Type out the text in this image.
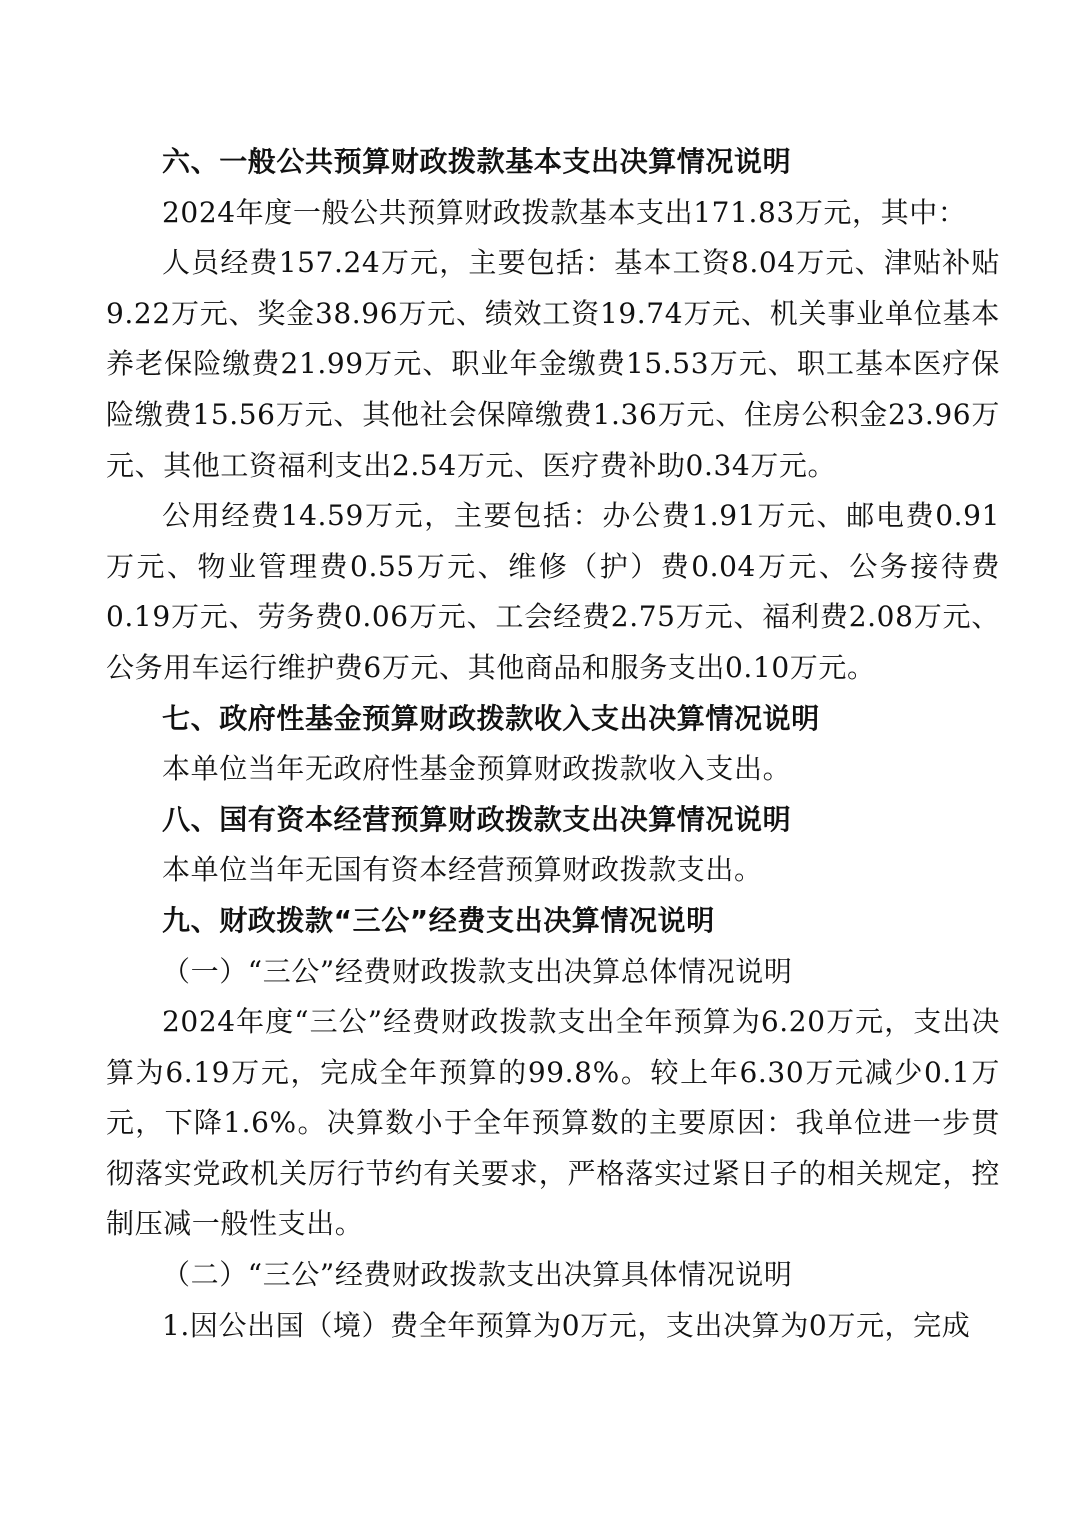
六、一般公共预算财政拨款基本支出决算情况说明

2024年度一般公共预算财政拨款基本支出171.83万元，其中：

人员经费157.24万元，主要包括：基本工资8.04万元、津贴补贴9.22万元、奖金38.96万元、绩效工资19.74万元、机关事业单位基本养老保险缴费21.99万元、职业年金缴费15.53万元、职工基本医疗保险缴费15.56万元、其他社会保障缴费1.36万元、住房公积金23.96万元、其他工资福利支出2.54万元、医疗费补助0.34万元。

公用经费14.59万元，主要包括：办公费1.91万元、邮电费0.91万元、物业管理费0.55万元、维修（护）费0.04万元、公务接待费0.19万元、劳务费0.06万元、工会经费2.75万元、福利费2.08万元、公务用车运行维护费6万元、其他商品和服务支出0.10万元。

七、政府性基金预算财政拨款收入支出决算情况说明

本单位当年无政府性基金预算财政拨款收入支出。

八、国有资本经营预算财政拨款支出决算情况说明

本单位当年无国有资本经营预算财政拨款支出。

九、财政拨款“三公”经费支出决算情况说明

（一）“三公”经费财政拨款支出决算总体情况说明

2024年度“三公”经费财政拨款支出全年预算为6.20万元，支出决算为6.19万元，完成全年预算的99.8%。较上年6.30万元减少0.1万元，下降1.6%。决算数小于全年预算数的主要原因：我单位进一步贯彻落实党政机关厉行节约有关要求，严格落实过紧日子的相关规定，控制压减一般性支出。

（二）“三公”经费财政拨款支出决算具体情况说明

1.因公出国（境）费全年预算为0万元，支出决算为0万元，完成
